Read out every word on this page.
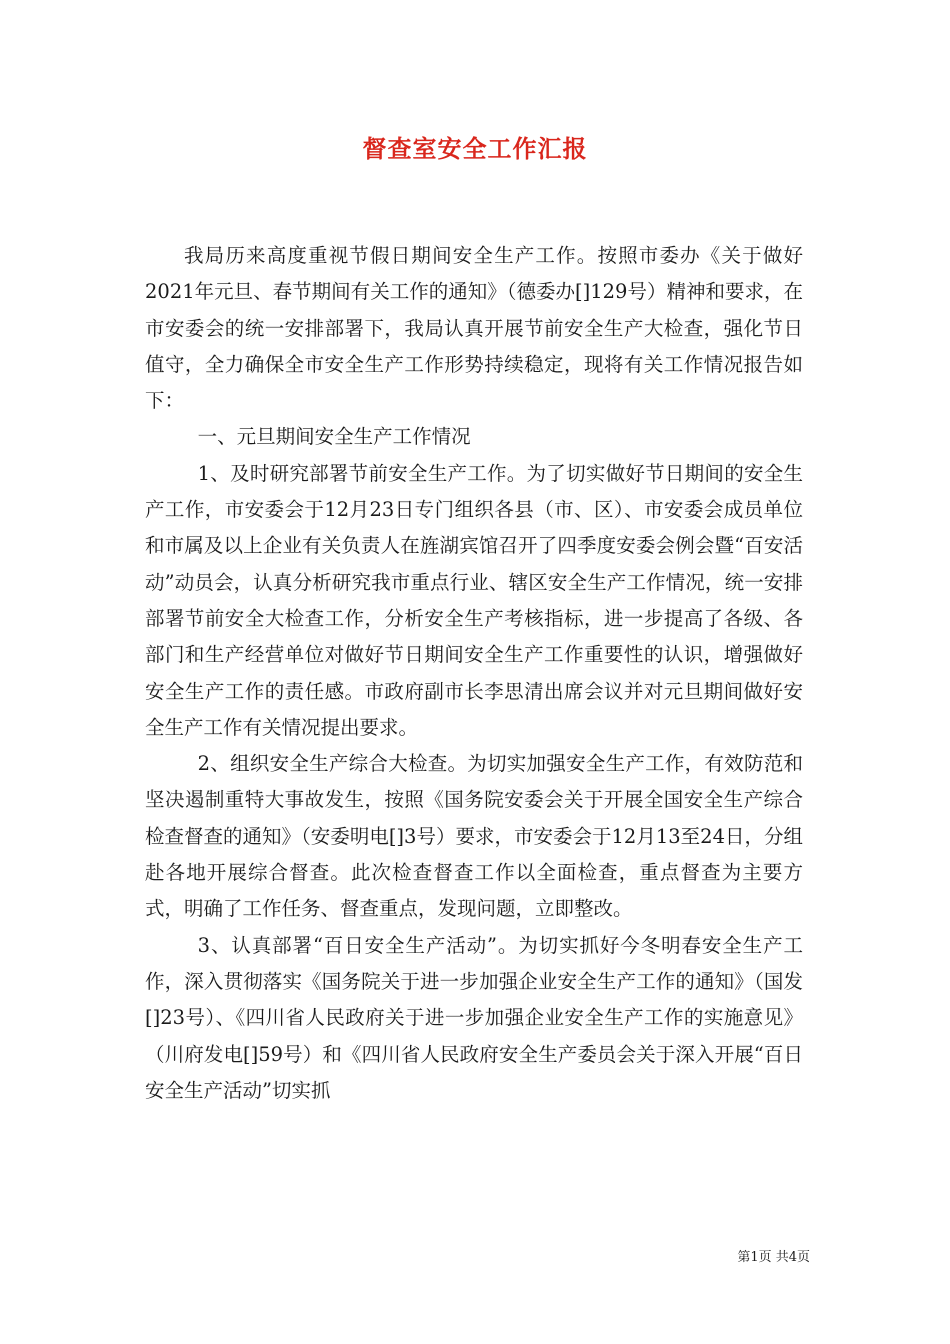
督查室安全工作汇报

我局历来高度重视节假日期间安全生产工作。按照市委办《关于做好2021年元旦、春节期间有关工作的通知》（德委办[]129号）精神和要求，在市安委会的统一安排部署下，我局认真开展节前安全生产大检查，强化节日值守，全力确保全市安全生产工作形势持续稳定，现将有关工作情况报告如下：

一、元旦期间安全生产工作情况

1、及时研究部署节前安全生产工作。为了切实做好节日期间的安全生产工作，市安委会于12月23日专门组织各县（市、区）、市安委会成员单位和市属及以上企业有关负责人在旌湖宾馆召开了四季度安委会例会暨“百安活动”动员会，认真分析研究我市重点行业、辖区安全生产工作情况，统一安排部署节前安全大检查工作，分析安全生产考核指标，进一步提高了各级、各部门和生产经营单位对做好节日期间安全生产工作重要性的认识，增强做好安全生产工作的责任感。市政府副市长李思清出席会议并对元旦期间做好安全生产工作有关情况提出要求。

2、组织安全生产综合大检查。为切实加强安全生产工作，有效防范和坚决遏制重特大事故发生，按照《国务院安委会关于开展全国安全生产综合检查督查的通知》（安委明电[]3号）要求，市安委会于12月13至24日，分组赴各地开展综合督查。此次检查督查工作以全面检查，重点督查为主要方式，明确了工作任务、督查重点，发现问题，立即整改。

3、认真部署“百日安全生产活动”。为切实抓好今冬明春安全生产工作，深入贯彻落实《国务院关于进一步加强企业安全生产工作的通知》（国发[]23号）、《四川省人民政府关于进一步加强企业安全生产工作的实施意见》（川府发电[]59号）和《四川省人民政府安全生产委员会关于深入开展“百日安全生产活动”切实抓

第1页 共4页
